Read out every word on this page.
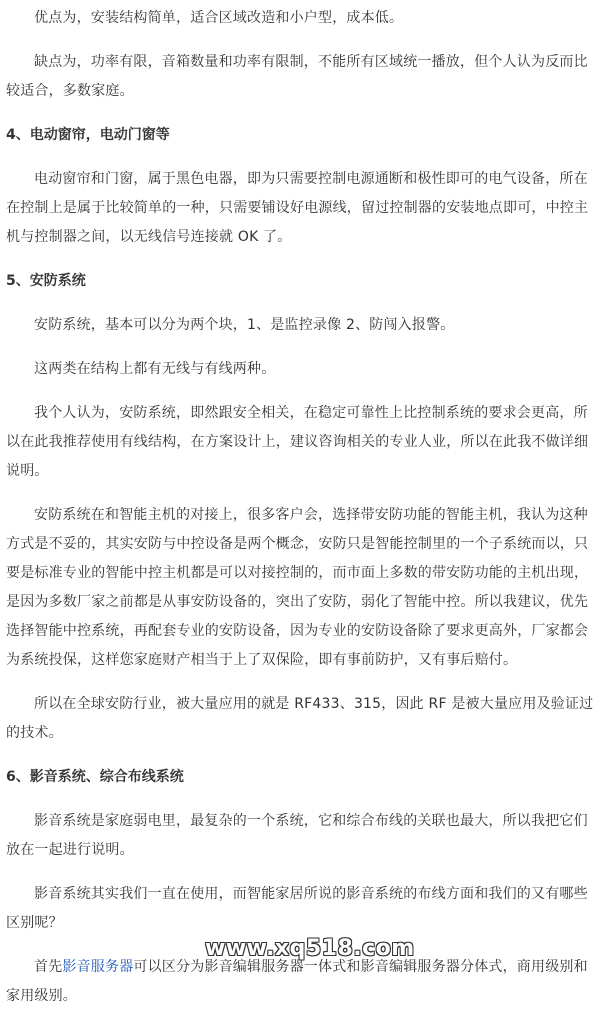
优点为，安装结构简单，适合区域改造和小户型，成本低。

缺点为，功率有限，音箱数量和功率有限制，不能所有区域统一播放，但个人认为反而比较适合，多数家庭。

4、电动窗帘，电动门窗等

电动窗帘和门窗，属于黑色电器，即为只需要控制电源通断和极性即可的电气设备，所在在控制上是属于比较简单的一种，只需要铺设好电源线，留过控制器的安装地点即可，中控主机与控制器之间，以无线信号连接就 OK 了。

5、安防系统

安防系统，基本可以分为两个块，1、是监控录像 2、防闯入报警。

这两类在结构上都有无线与有线两种。

我个人认为，安防系统，即然跟安全相关，在稳定可靠性上比控制系统的要求会更高，所以在此我推荐使用有线结构，在方案设计上，建议咨询相关的专业人业，所以在此我不做详细说明。

安防系统在和智能主机的对接上，很多客户会，选择带安防功能的智能主机，我认为这种方式是不妥的，其实安防与中控设备是两个概念，安防只是智能控制里的一个子系统而以，只要是标准专业的智能中控主机都是可以对接控制的，而市面上多数的带安防功能的主机出现，是因为多数厂家之前都是从事安防设备的，突出了安防，弱化了智能中控。所以我建议，优先选择智能中控系统，再配套专业的安防设备，因为专业的安防设备除了要求更高外，厂家都会为系统投保，这样您家庭财产相当于上了双保险，即有事前防护，又有事后赔付。

所以在全球安防行业，被大量应用的就是 RF433、315，因此 RF 是被大量应用及验证过的技术。

6、影音系统、综合布线系统

影音系统是家庭弱电里，最复杂的一个系统，它和综合布线的关联也最大，所以我把它们放在一起进行说明。

影音系统其实我们一直在使用，而智能家居所说的影音系统的布线方面和我们的又有哪些区别呢？

首先影音服务器可以区分为影音编辑服务器一体式和影音编辑服务器分体式，商用级别和家用级别。

www.xq518.com
